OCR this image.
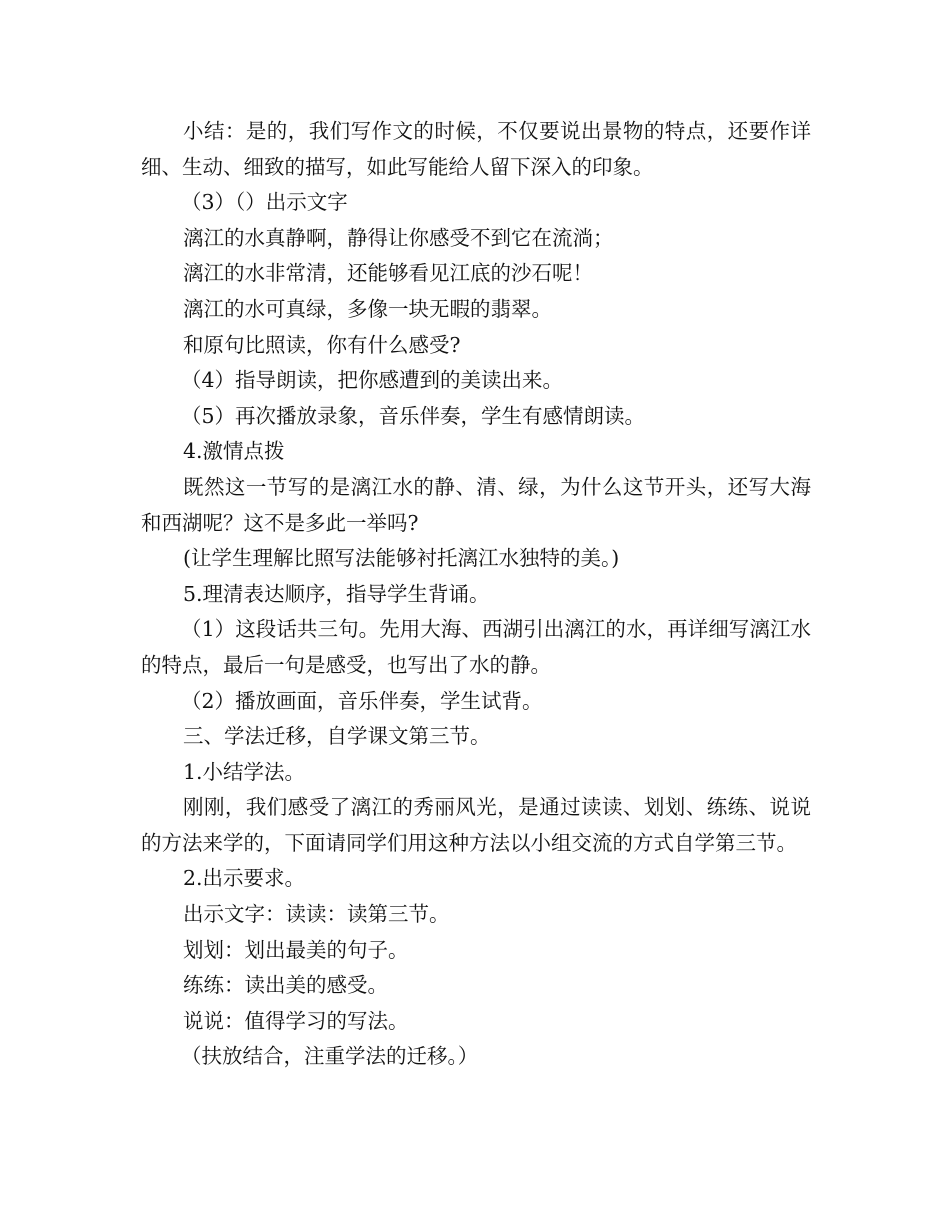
小结：是的，我们写作文的时候，不仅要说出景物的特点，还要作详细、生动、细致的描写，如此写能给人留下深入的印象。

（3）（）出示文字

漓江的水真静啊，静得让你感受不到它在流淌；

漓江的水非常清，还能够看见江底的沙石呢！

漓江的水可真绿，多像一块无暇的翡翠。

和原句比照读，你有什么感受?

（4）指导朗读，把你感遭到的美读出来。

（5）再次播放录象，音乐伴奏，学生有感情朗读。

4.激情点拨

既然这一节写的是漓江水的静、清、绿，为什么这节开头，还写大海和西湖呢？这不是多此一举吗?

(让学生理解比照写法能够衬托漓江水独特的美。)

5.理清表达顺序，指导学生背诵。

（1）这段话共三句。先用大海、西湖引出漓江的水，再详细写漓江水的特点，最后一句是感受，也写出了水的静。

（2）播放画面，音乐伴奏，学生试背。

三、学法迁移，自学课文第三节。

1.小结学法。

刚刚，我们感受了漓江的秀丽风光，是通过读读、划划、练练、说说的方法来学的，下面请同学们用这种方法以小组交流的方式自学第三节。

2.出示要求。

出示文字：读读：读第三节。

划划：划出最美的句子。

练练：读出美的感受。

说说：值得学习的写法。

（扶放结合，注重学法的迁移。）
